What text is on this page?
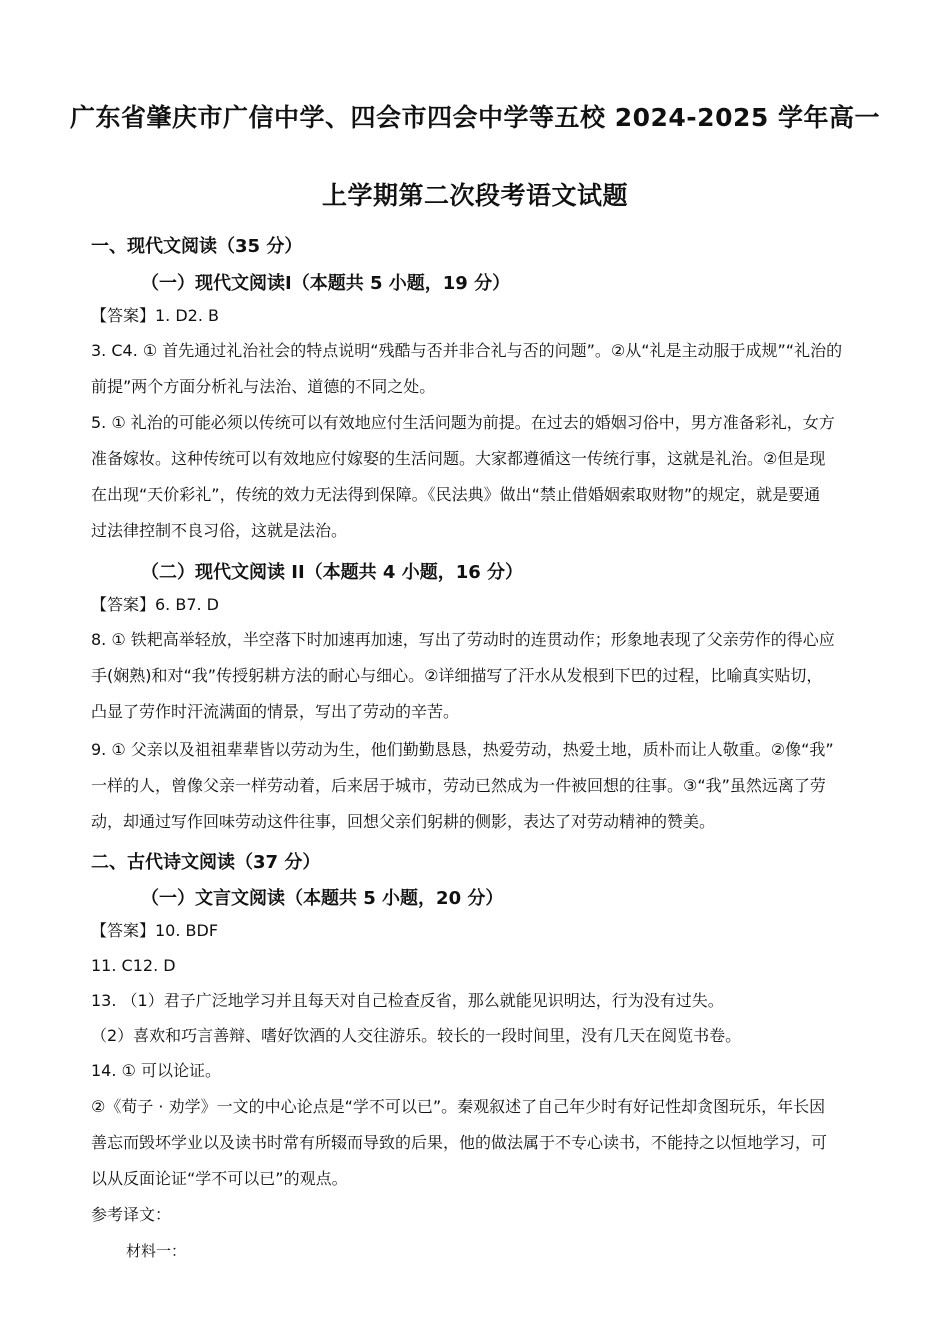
广东省肇庆市广信中学、四会市四会中学等五校 2024-2025 学年高一
上学期第二次段考语文试题
一、现代文阅读（35 分）
（一）现代文阅读I（本题共 5 小题，19 分）
【答案】1. D2. B
3. C4. ① 首先通过礼治社会的特点说明“残酷与否并非合礼与否的问题”。②从“礼是主动服于成规”“礼治的
前提”两个方面分析礼与法治、道德的不同之处。
5. ① 礼治的可能必须以传统可以有效地应付生活问题为前提。在过去的婚姻习俗中，男方准备彩礼，女方
准备嫁妆。这种传统可以有效地应付嫁娶的生活问题。大家都遵循这一传统行事，这就是礼治。②但是现
在出现“天价彩礼”，传统的效力无法得到保障。《民法典》做出“禁止借婚姻索取财物”的规定，就是要通
过法律控制不良习俗，这就是法治。
（二）现代文阅读 II（本题共 4 小题，16 分）
【答案】6. B7. D
8. ① 铁耙高举轻放，半空落下时加速再加速，写出了劳动时的连贯动作；形象地表现了父亲劳作的得心应
手(娴熟)和对“我”传授躬耕方法的耐心与细心。②详细描写了汗水从发根到下巴的过程，比喻真实贴切，
凸显了劳作时汗流满面的情景，写出了劳动的辛苦。
9. ① 父亲以及祖祖辈辈皆以劳动为生，他们勤勤恳恳，热爱劳动，热爱土地，质朴而让人敬重。②像“我”
一样的人，曾像父亲一样劳动着，后来居于城市，劳动已然成为一件被回想的往事。③“我”虽然远离了劳
动，却通过写作回味劳动这件往事，回想父亲们躬耕的侧影，表达了对劳动精神的赞美。
二、古代诗文阅读（37 分）
（一）文言文阅读（本题共 5 小题，20 分）
【答案】10. BDF
11. C12. D
13. （1）君子广泛地学习并且每天对自己检查反省，那么就能见识明达，行为没有过失。
（2）喜欢和巧言善辩、嗜好饮酒的人交往游乐。较长的一段时间里，没有几天在阅览书卷。
14. ① 可以论证。
②《荀子 · 劝学》一文的中心论点是“学不可以已”。秦观叙述了自己年少时有好记性却贪图玩乐，年长因
善忘而毁坏学业以及读书时常有所辍而导致的后果，他的做法属于不专心读书，不能持之以恒地学习，可
以从反面论证“学不可以已”的观点。
参考译文：
材料一：
